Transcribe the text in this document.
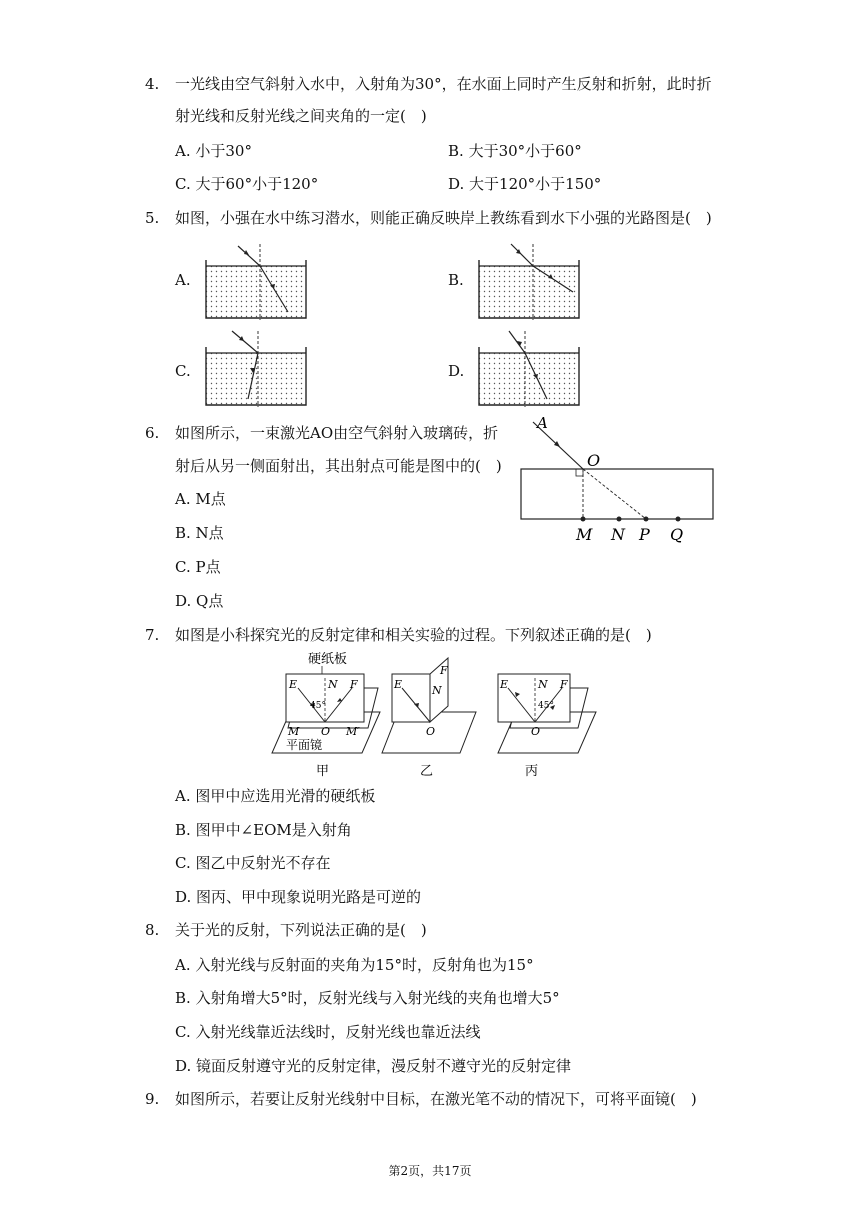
4. 一光线由空气斜射入水中，入射角为30°，在水面上同时产生反射和折射，此时折
射光线和反射光线之间夹角的一定(　)
A. 小于30°	B. 大于30°小于60°
C. 大于60°小于120°	D. 大于120°小于150°
5. 如图，小强在水中练习潜水，则能正确反映岸上教练看到水下小强的光路图是(　)
A.	B.
C.	D.
6. 如图所示，一束激光AO由空气斜射入玻璃砖，折
射后从另一侧面射出，其出射点可能是图中的(　)
A. M点
B. N点
C. P点
D. Q点
A
O
M N P Q
7. 如图是小科探究光的反射定律和相关实验的过程。下列叙述正确的是(　)
硬纸板
E	N F
45°
M O M′
平面镜
甲
E	N
F
O
乙
E	N F
45°
O
丙
A. 图甲中应选用光滑的硬纸板
B. 图甲中∠EOM是入射角
C. 图乙中反射光不存在
D. 图丙、甲中现象说明光路是可逆的
8. 关于光的反射，下列说法正确的是(　)
A. 入射光线与反射面的夹角为15°时，反射角也为15°
B. 入射角增大5°时，反射光线与入射光线的夹角也增大5°
C. 入射光线靠近法线时，反射光线也靠近法线
D. 镜面反射遵守光的反射定律，漫反射不遵守光的反射定律
9. 如图所示，若要让反射光线射中目标，在激光笔不动的情况下，可将平面镜(　)
第2页，共17页
